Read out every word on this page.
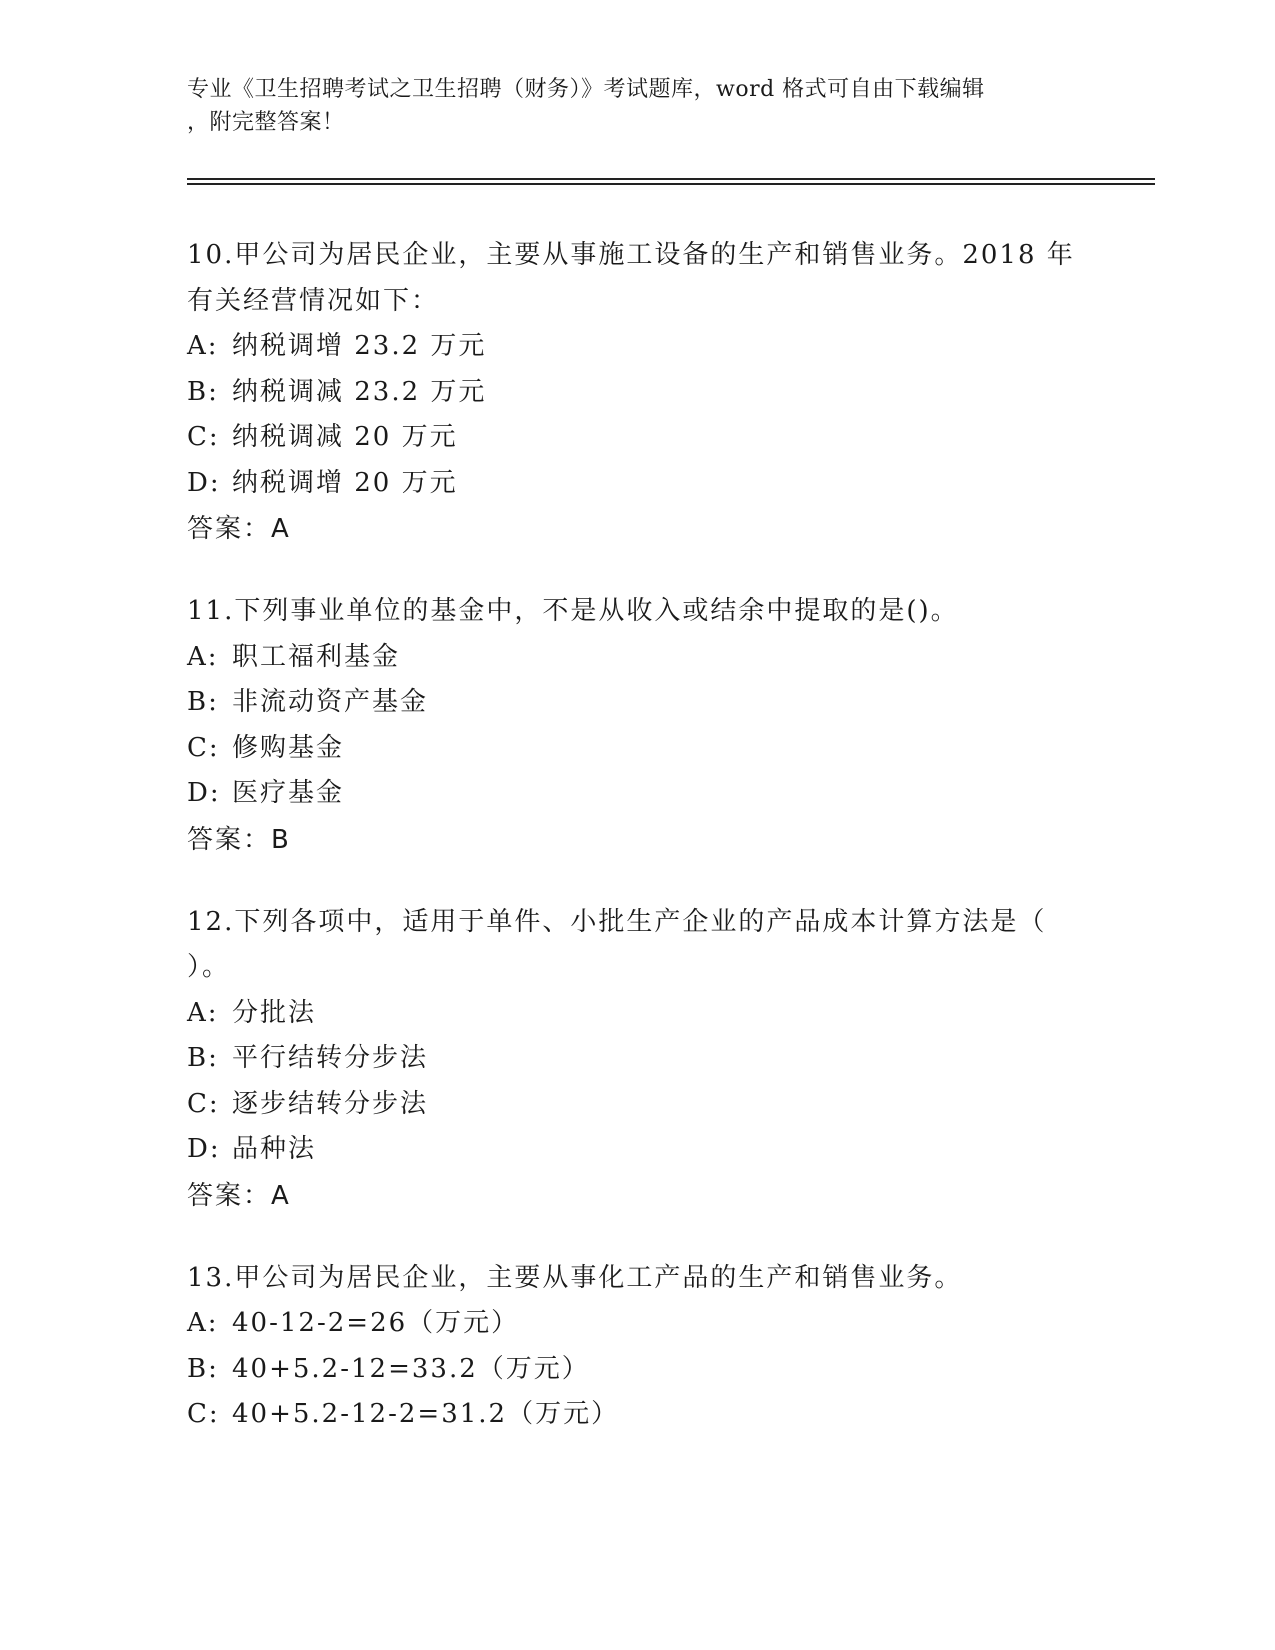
专业《卫生招聘考试之卫生招聘（财务）》考试题库，word 格式可自由下载编辑
，附完整答案！
10.甲公司为居民企业，主要从事施工设备的生产和销售业务。2018 年
有关经营情况如下：
A: 纳税调增 23.2 万元
B: 纳税调减 23.2 万元
C: 纳税调减 20 万元
D: 纳税调增 20 万元
答案：A
11.下列事业单位的基金中，不是从收入或结余中提取的是()。
A: 职工福利基金
B: 非流动资产基金
C: 修购基金
D: 医疗基金
答案：B
12.下列各项中，适用于单件、小批生产企业的产品成本计算方法是（
）。
A: 分批法
B: 平行结转分步法
C: 逐步结转分步法
D: 品种法
答案：A
13.甲公司为居民企业，主要从事化工产品的生产和销售业务。
A: 40-12-2=26（万元）
B: 40+5.2-12=33.2（万元）
C: 40+5.2-12-2=31.2（万元）
